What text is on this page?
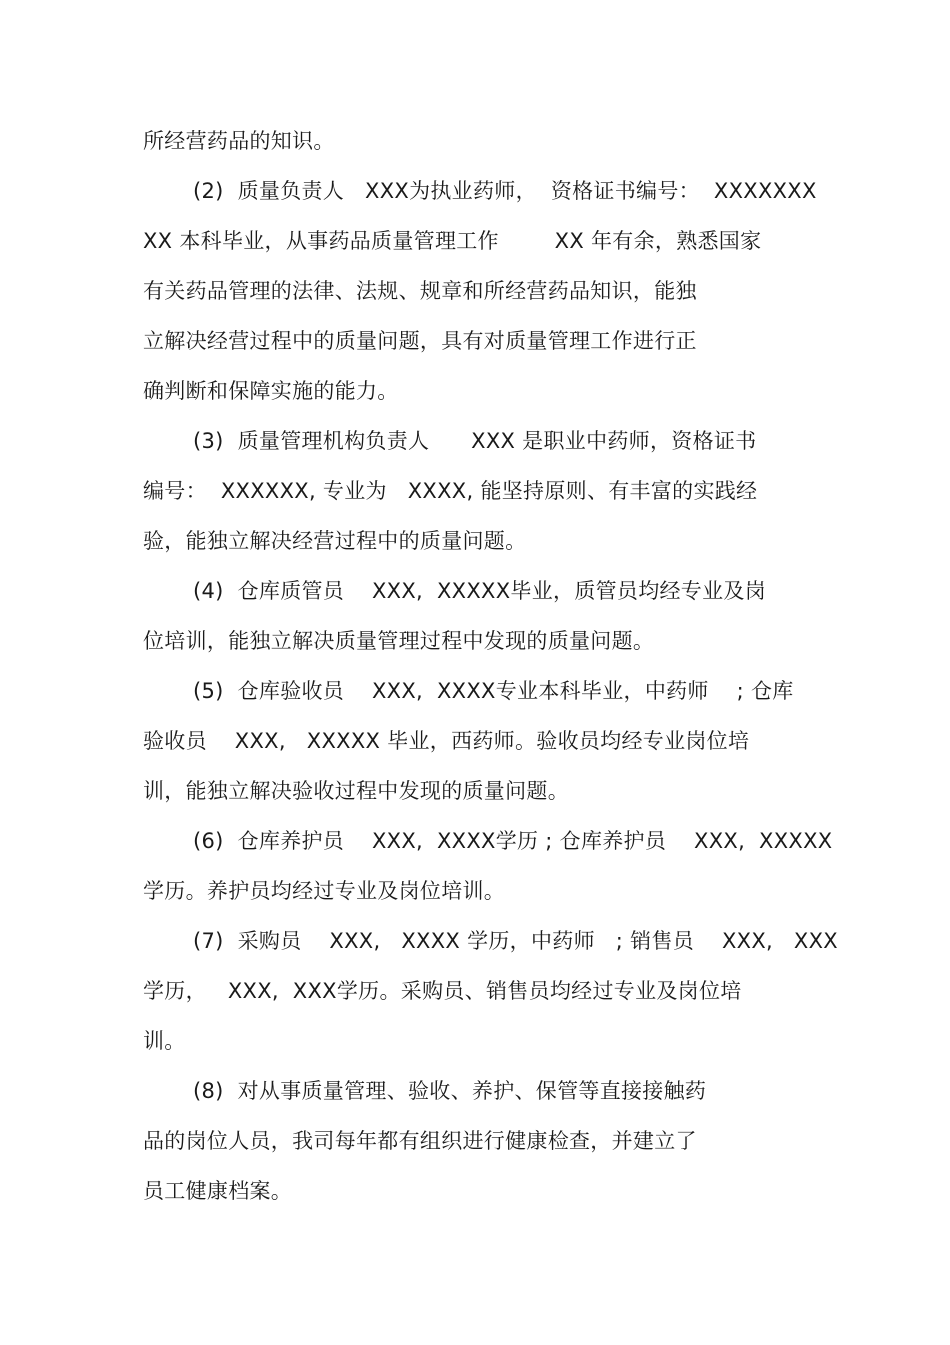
所经营药品的知识。
(2)  质量负责人   XXX为执业药师，  资格证书编号：  XXXXXXX
XX 本科毕业，从事药品质量管理工作        XX 年有余，熟悉国家
有关药品管理的法律、法规、规章和所经营药品知识，能独
立解决经营过程中的质量问题，具有对质量管理工作进行正
确判断和保障实施的能力。
(3)  质量管理机构负责人      XXX 是职业中药师，资格证书
编号：  XXXXXX, 专业为   XXXX, 能坚持原则、有丰富的实践经
验，能独立解决经营过程中的质量问题。
(4)  仓库质管员    XXX,  XXXXX毕业，质管员均经专业及岗
位培训，能独立解决质量管理过程中发现的质量问题。
(5)  仓库验收员    XXX,  XXXX专业本科毕业，中药师    ; 仓库
验收员    XXX,   XXXXX 毕业，西药师。验收员均经专业岗位培
训，能独立解决验收过程中发现的质量问题。
(6)  仓库养护员    XXX,  XXXX学历 ; 仓库养护员    XXX,  XXXXX
学历。养护员均经过专业及岗位培训。
(7)  采购员    XXX,   XXXX 学历，中药师   ; 销售员    XXX,   XXX
学历，   XXX,  XXX学历。采购员、销售员均经过专业及岗位培
训。
(8)  对从事质量管理、验收、养护、保管等直接接触药
品的岗位人员，我司每年都有组织进行健康检查，并建立了
员工健康档案。
